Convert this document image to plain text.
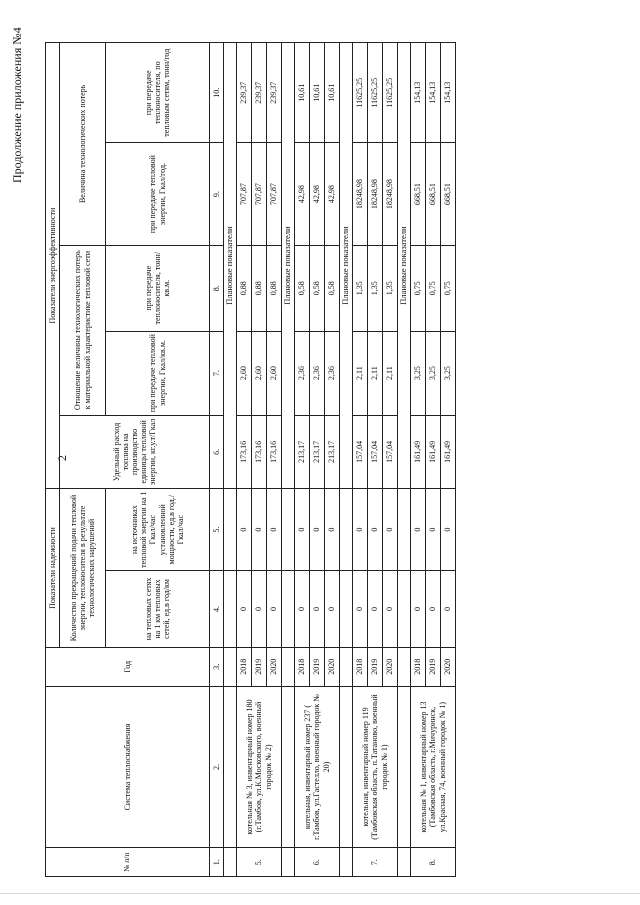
Продолжение приложения №4
2
№ п/п	Система теплоснабжения	Год	Показатели надежности		Показатели энергоэффективности				
			Количество прекращений подачи тепловой энергии, теплоносителя в результате технологических нарушений		Удельный расход топлива на производство единицы тепловой энергии, кг.у.т/Гкал	Отношение величины технологических потерь к материальной характеристике тепловой сети		Величина технологических потерь	
			на тепловых сетях на 1 км тепловых сетей, ед.в год/км	на источниках тепловой энергии на 1 Гкал/час установленной мощности, ед.в год./Гкал/час		при передаче тепловой энергии, Гкал/кв.м.	при передаче теплоносителя, тонн/кв.м.	при передаче тепловой энергии, Гкал/год.	при передаче теплоносителя, по тепловым сетям, тонн/год
1.	2.	3.	4.	5.	6.	7.	8.	9.	10.
					Плановые показатели				
5.	котельная № 3, инвентарный номер 180 (г.Тамбов, ул.К.Московского, военный городок № 2)	2018	0	0	173,16	2,60	0,88	707,87	239,37
		2019	0	0	173,16	2,60	0,88	707,87	239,37
		2020	0	0	173,16	2,60	0,88	707,87	239,37
					Плановые показатели				
6.	котельная, инвентарный номер 237 ( г.Тамбов, ул.Гастелло, военный городок № 20)	2018	0	0	213,17	2,36	0,58	42,98	10,61
		2019	0	0	213,17	2,36	0,58	42,98	10,61
		2020	0	0	213,17	2,36	0,58	42,98	10,61
					Плановые показатели				
7.	котельная, инвентарный номер 119 (Тамбовская область, п.Татаново, военный городок № 1)	2018	0	0	157,04	2,11	1,35	18248,98	11625,25
		2019	0	0	157,04	2,11	1,35	18248,98	11625,25
		2020	0	0	157,04	2,11	1,35	18248,98	11625,25
					Плановые показатели				
8.	котельная № 1, инвентарный номер 13 (Тамбовская область, г.Мичуринск, ул.Красная, 74, военный городок № 1)	2018	0	0	161,49	3,25	0,75	668,51	154,13
		2019	0	0	161,49	3,25	0,75	668,51	154,13
		2020	0	0	161,49	3,25	0,75	668,51	154,13
